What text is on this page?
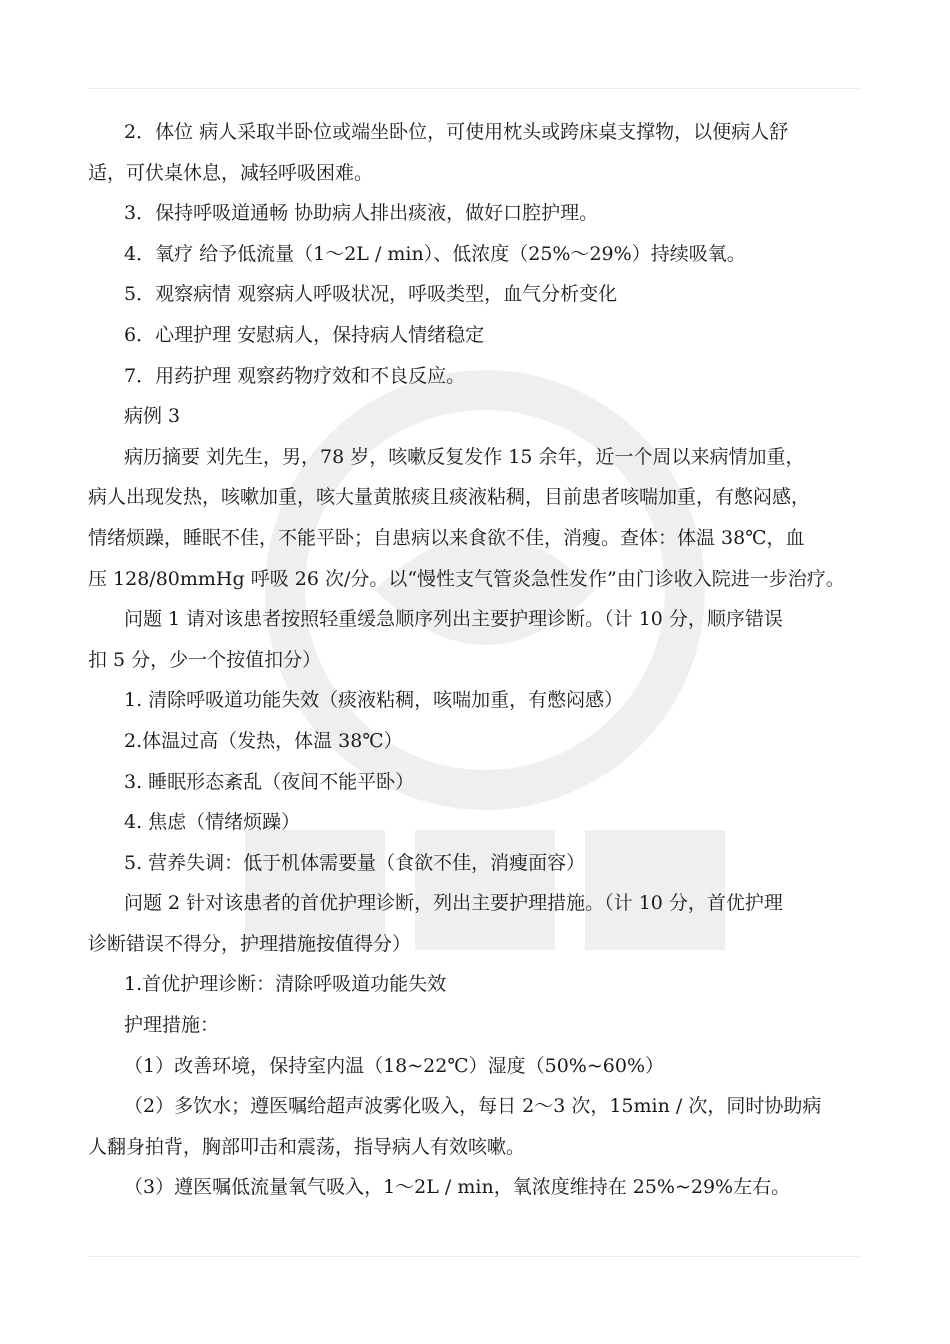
2．体位 病人采取半卧位或端坐卧位，可使用枕头或跨床桌支撑物，以便病人舒
适，可伏桌休息，减轻呼吸困难。
3．保持呼吸道通畅 协助病人排出痰液，做好口腔护理。
4．氧疗 给予低流量（1～2L / min）、低浓度（25%～29%）持续吸氧。
5．观察病情 观察病人呼吸状况，呼吸类型，血气分析变化
6．心理护理 安慰病人，保持病人情绪稳定
7．用药护理 观察药物疗效和不良反应。
病例 3
病历摘要 刘先生，男，78 岁，咳嗽反复发作 15 余年，近一个周以来病情加重，
病人出现发热，咳嗽加重，咳大量黄脓痰且痰液粘稠，目前患者咳喘加重，有憋闷感，
情绪烦躁，睡眠不佳，不能平卧；自患病以来食欲不佳，消瘦。查体：体温 38℃，血
压 128/80mmHg 呼吸 26 次/分。以“慢性支气管炎急性发作”由门诊收入院进一步治疗。
问题 1 请对该患者按照轻重缓急顺序列出主要护理诊断。（计 10 分，顺序错误
扣 5 分，少一个按值扣分）
1. 清除呼吸道功能失效（痰液粘稠，咳喘加重，有憋闷感）
2.体温过高（发热，体温 38℃）
3. 睡眠形态紊乱（夜间不能平卧）
4. 焦虑（情绪烦躁）
5. 营养失调：低于机体需要量（食欲不佳，消瘦面容）
问题 2 针对该患者的首优护理诊断，列出主要护理措施。（计 10 分，首优护理
诊断错误不得分，护理措施按值得分）
1.首优护理诊断：清除呼吸道功能失效
护理措施：
（1）改善环境，保持室内温（18~22℃）湿度（50%~60%）
（2）多饮水；遵医嘱给超声波雾化吸入，每日 2～3 次，15min / 次，同时协助病
人翻身拍背，胸部叩击和震荡，指导病人有效咳嗽。
（3）遵医嘱低流量氧气吸入，1～2L / min，氧浓度维持在 25%~29%左右。
